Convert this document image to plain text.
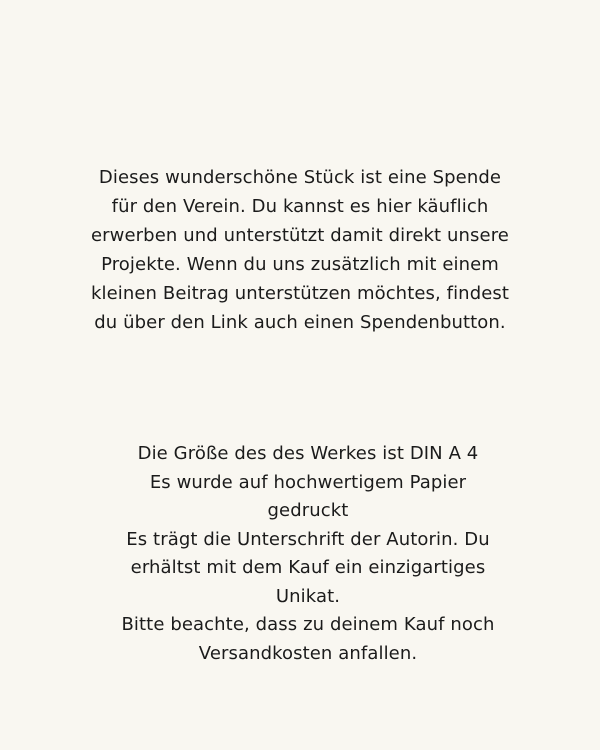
Dieses wunderschöne Stück ist eine Spende
für den Verein. Du kannst es hier käuflich
erwerben und unterstützt damit direkt unsere
Projekte. Wenn du uns zusätzlich mit einem
kleinen Beitrag unterstützen möchtes, findest
du über den Link auch einen Spendenbutton.
Die Größe des des Werkes ist DIN A 4
Es wurde auf hochwertigem Papier
gedruckt
Es trägt die Unterschrift der Autorin. Du
erhältst mit dem Kauf ein einzigartiges
Unikat.
Bitte beachte, dass zu deinem Kauf noch
Versandkosten anfallen.
